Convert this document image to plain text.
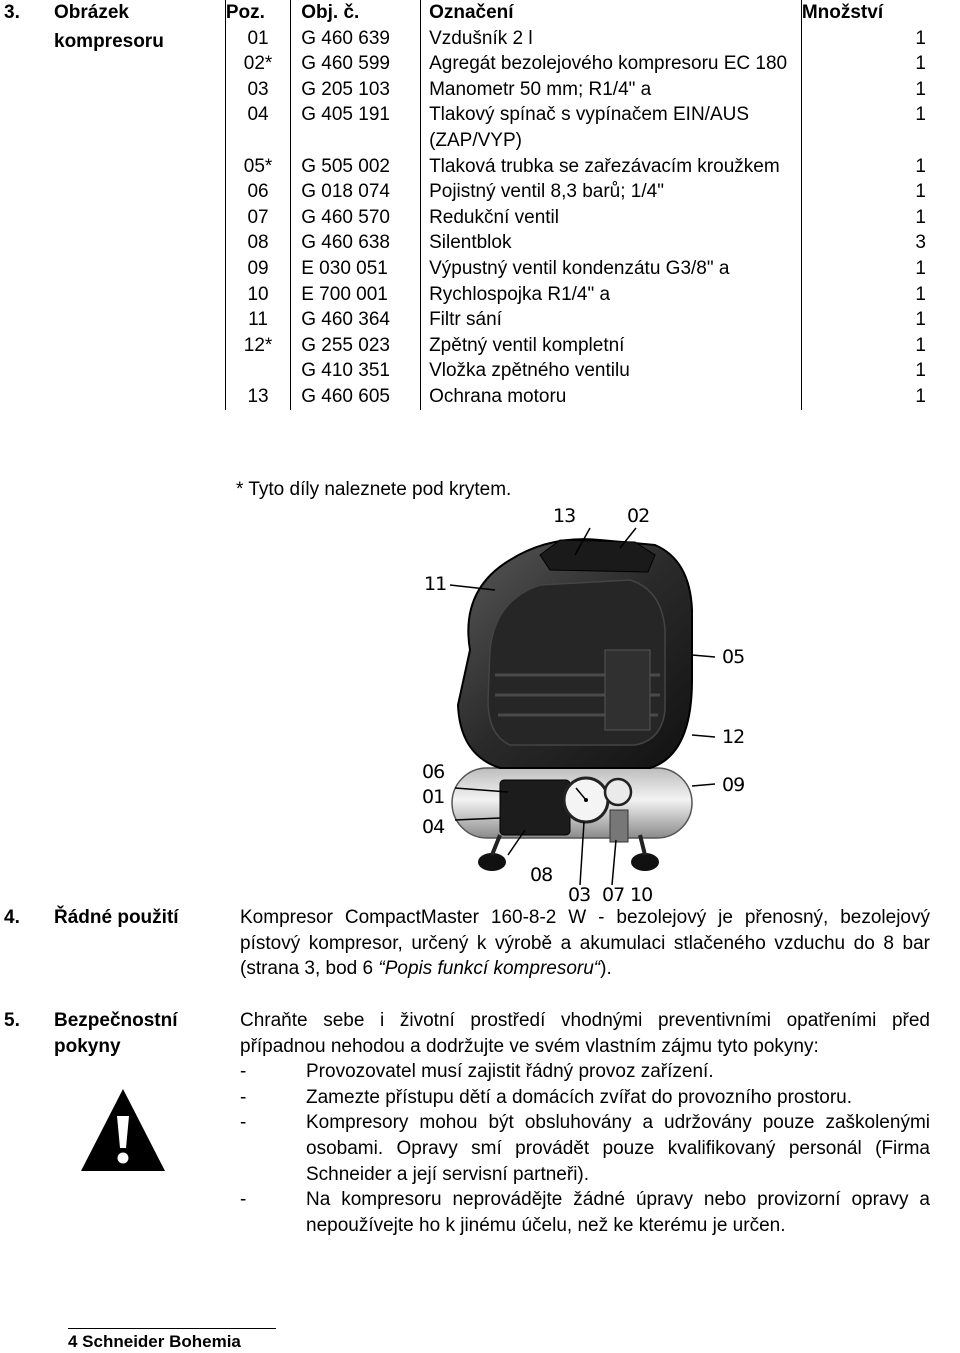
3. Obrázek	Poz.	Obj. č.	Označení	Množství
	01	G 460 639	Vzdušník 2 l	1
	02*	G 460 599	Agregát bezolejového kompresoru EC 180	1
	03	G 205 103	Manometr 50 mm; R1/4" a	1
	04	G 405 191	Tlakový spínač s vypínačem EIN/AUS (ZAP/VYP)	1
	05*	G 505 002	Tlaková trubka se zařezávacím kroužkem	1
	06	G 018 074	Pojistný ventil 8,3 barů; 1/4"	1
	07	G 460 570	Redukční ventil	1
	08	G 460 638	Silentblok	3
	09	E 030 051	Výpustný ventil kondenzátu G3/8" a	1
	10	E 700 001	Rychlospojka R1/4" a	1
	11	G 460 364	Filtr sání	1
	12*	G 255 023	Zpětný ventil kompletní	1
		G 410 351	Vložka zpětného ventilu	1
	13	G 460 605	Ochrana motoru	1
kompresoru
* Tyto díly naleznete pod krytem.
13	02
11
05
12
06
01
04
09
08
03 07 10
4. Řádné použití	Kompresor CompactMaster 160-8-2 W - bezolejový je přenosný, bezolejový pístový kompresor, určený k výrobě a akumulaci stlačeného vzduchu do 8 bar (strana 3, bod 6 “Popis funkcí kompresoru“).
5. Bezpečnostní
pokyny
Chraňte sebe i životní prostředí vhodnými preventivními opatřeními před případnou nehodou a dodržujte ve svém vlastním zájmu tyto pokyny:
-	Provozovatel musí zajistit řádný provoz zařízení.
-	Zamezte přístupu dětí a domácích zvířat do provozního prostoru.
-	Kompresory mohou být obsluhovány a udržovány pouze zaškolenými osobami. Opravy smí provádět pouze kvalifikovaný personál (Firma Schneider a její servisní partneři).
-	Na kompresoru neprovádějte žádné úpravy nebo provizorní opravy a nepoužívejte ho k jinému účelu, než ke kterému je určen.
4 Schneider Bohemia
